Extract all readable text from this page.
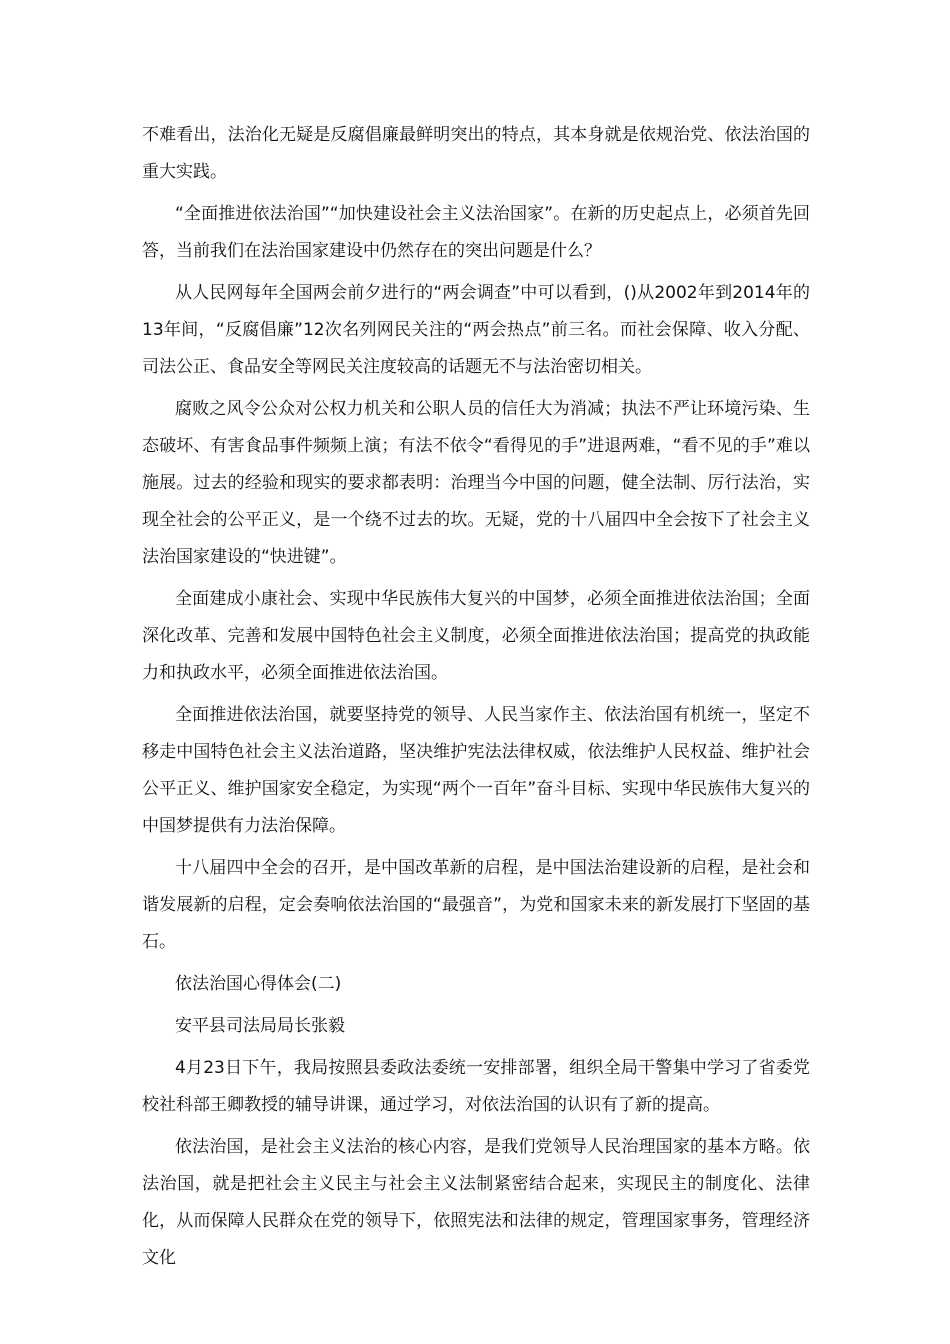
不难看出，法治化无疑是反腐倡廉最鲜明突出的特点，其本身就是依规治党、依法治国的重大实践。

“全面推进依法治国”“加快建设社会主义法治国家”。在新的历史起点上，必须首先回答，当前我们在法治国家建设中仍然存在的突出问题是什么？

从人民网每年全国两会前夕进行的“两会调查”中可以看到，()从2002年到2014年的13年间，“反腐倡廉”12次名列网民关注的“两会热点”前三名。而社会保障、收入分配、司法公正、食品安全等网民关注度较高的话题无不与法治密切相关。

腐败之风令公众对公权力机关和公职人员的信任大为消减；执法不严让环境污染、生态破坏、有害食品事件频频上演；有法不依令“看得见的手”进退两难，“看不见的手”难以施展。过去的经验和现实的要求都表明：治理当今中国的问题，健全法制、厉行法治，实现全社会的公平正义，是一个绕不过去的坎。无疑，党的十八届四中全会按下了社会主义法治国家建设的“快进键”。

全面建成小康社会、实现中华民族伟大复兴的中国梦，必须全面推进依法治国；全面深化改革、完善和发展中国特色社会主义制度，必须全面推进依法治国；提高党的执政能力和执政水平，必须全面推进依法治国。

全面推进依法治国，就要坚持党的领导、人民当家作主、依法治国有机统一，坚定不移走中国特色社会主义法治道路，坚决维护宪法法律权威，依法维护人民权益、维护社会公平正义、维护国家安全稳定，为实现“两个一百年”奋斗目标、实现中华民族伟大复兴的中国梦提供有力法治保障。

十八届四中全会的召开，是中国改革新的启程，是中国法治建设新的启程，是社会和谐发展新的启程，定会奏响依法治国的“最强音”，为党和国家未来的新发展打下坚固的基石。

依法治国心得体会(二)

安平县司法局局长张毅

4月23日下午，我局按照县委政法委统一安排部署，组织全局干警集中学习了省委党校社科部王卿教授的辅导讲课，通过学习，对依法治国的认识有了新的提高。

依法治国，是社会主义法治的核心内容，是我们党领导人民治理国家的基本方略。依法治国，就是把社会主义民主与社会主义法制紧密结合起来，实现民主的制度化、法律化，从而保障人民群众在党的领导下，依照宪法和法律的规定，管理国家事务，管理经济文化
